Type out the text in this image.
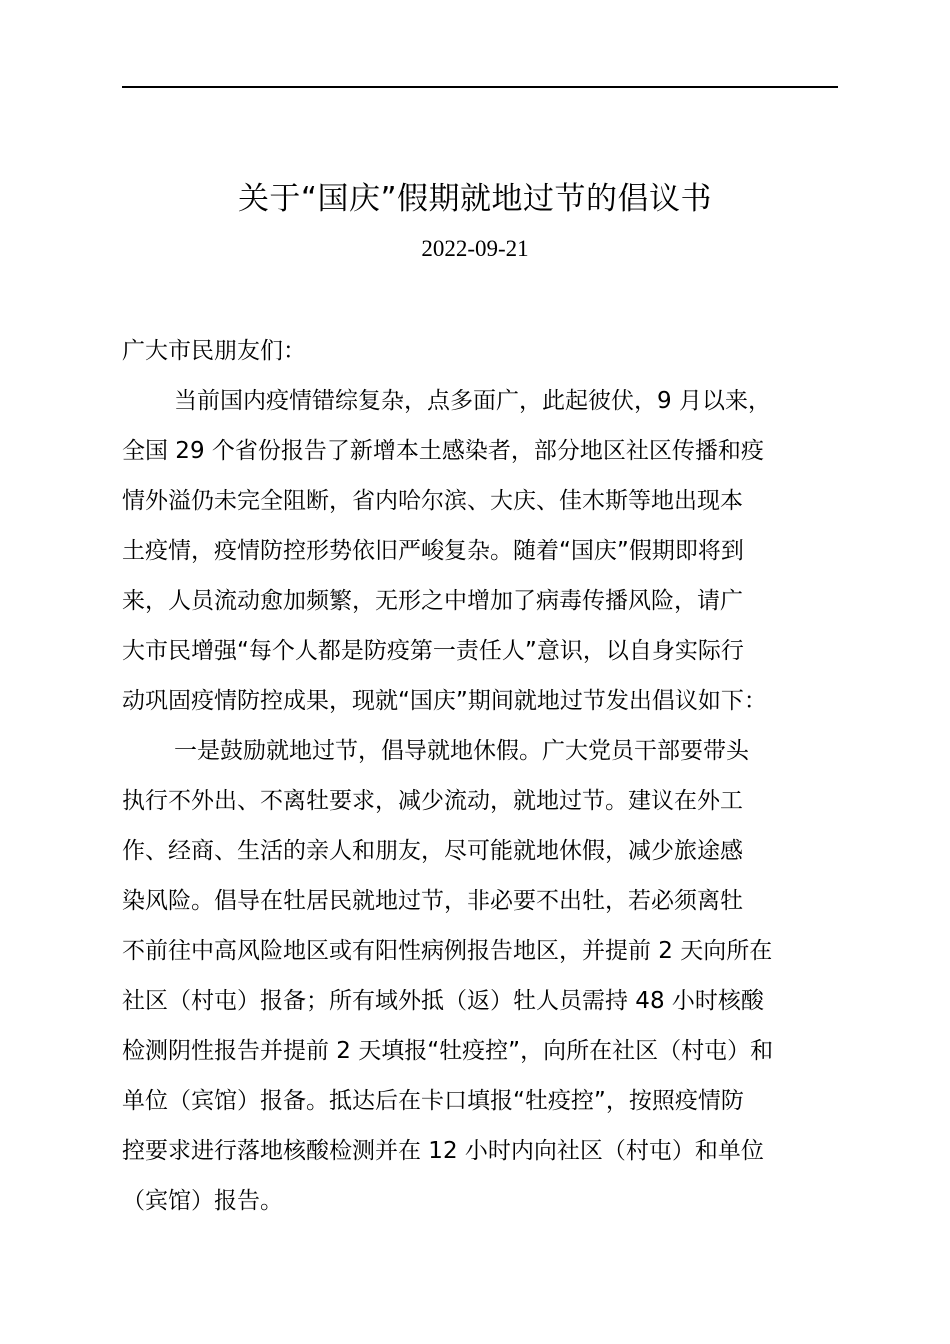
关于“国庆”假期就地过节的倡议书
2022-09-21

广大市民朋友们：

当前国内疫情错综复杂，点多面广，此起彼伏，9 月以来，
全国 29 个省份报告了新增本土感染者，部分地区社区传播和疫
情外溢仍未完全阻断，省内哈尔滨、大庆、佳木斯等地出现本
土疫情，疫情防控形势依旧严峻复杂。随着“国庆”假期即将到
来，人员流动愈加频繁，无形之中增加了病毒传播风险，请广
大市民增强“每个人都是防疫第一责任人”意识，以自身实际行
动巩固疫情防控成果，现就“国庆”期间就地过节发出倡议如下：

一是鼓励就地过节，倡导就地休假。广大党员干部要带头
执行不外出、不离牡要求，减少流动，就地过节。建议在外工
作、经商、生活的亲人和朋友，尽可能就地休假，减少旅途感
染风险。倡导在牡居民就地过节，非必要不出牡，若必须离牡
不前往中高风险地区或有阳性病例报告地区，并提前 2 天向所在
社区（村屯）报备；所有域外抵（返）牡人员需持 48 小时核酸
检测阴性报告并提前 2 天填报“牡疫控”，向所在社区（村屯）和
单位（宾馆）报备。抵达后在卡口填报“牡疫控”，按照疫情防
控要求进行落地核酸检测并在 12 小时内向社区（村屯）和单位
（宾馆）报告。
